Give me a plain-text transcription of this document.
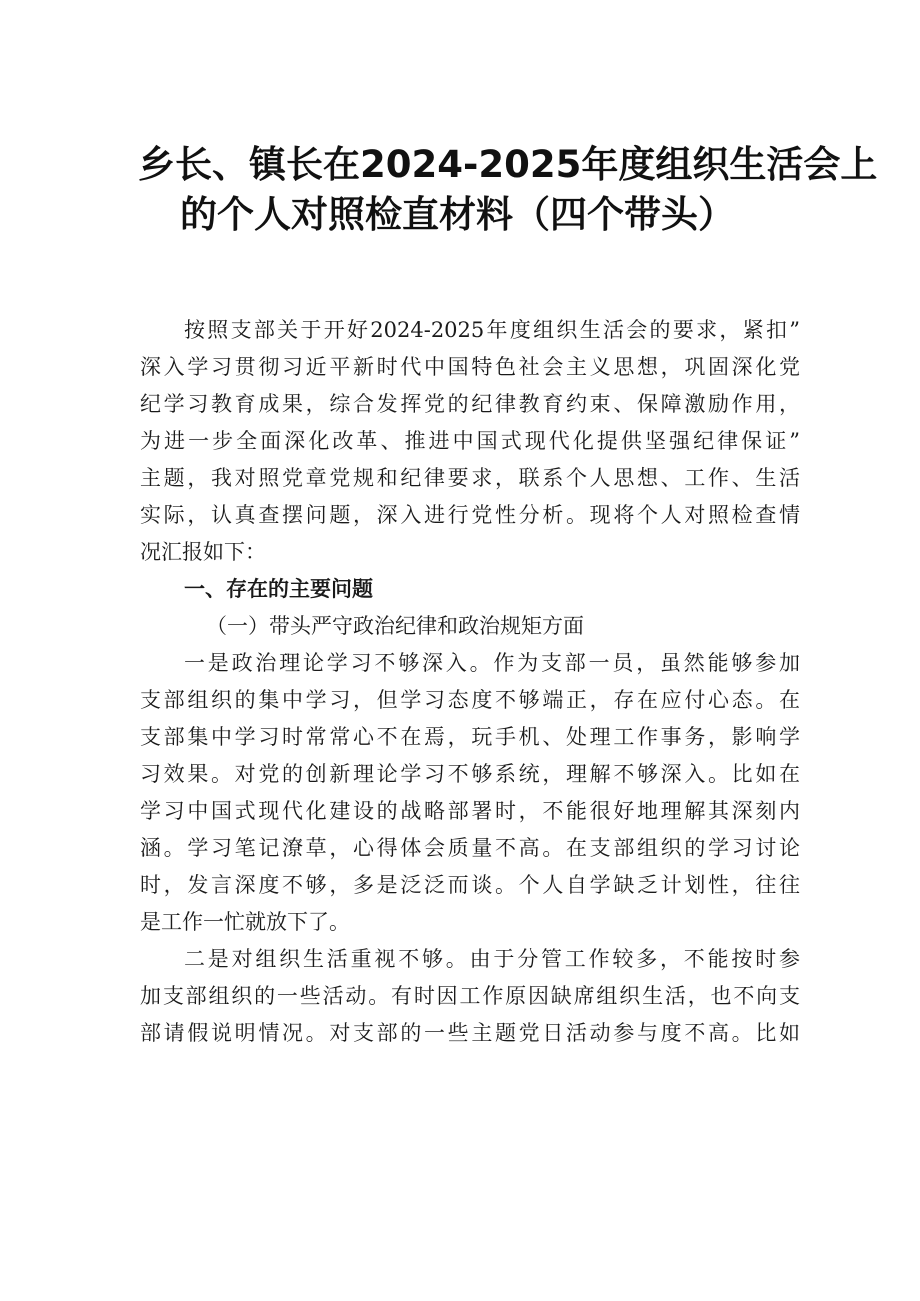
乡长、镇长在2024-2025年度组织生活会上
的个人对照检直材料（四个带头）
按照支部关于开好2024-2025年度组织生活会的要求，紧扣”
深入学习贯彻习近平新时代中国特色社会主义思想，巩固深化党
纪学习教育成果，综合发挥党的纪律教育约束、保障激励作用，
为进一步全面深化改革、推进中国式现代化提供坚强纪律保证”
主题，我对照党章党规和纪律要求，联系个人思想、工作、生活
实际，认真查摆问题，深入进行党性分析。现将个人对照检查情
况汇报如下：
一、存在的主要问题
（一）带头严守政治纪律和政治规矩方面
一是政治理论学习不够深入。作为支部一员，虽然能够参加
支部组织的集中学习，但学习态度不够端正，存在应付心态。在
支部集中学习时常常心不在焉，玩手机、处理工作事务，影响学
习效果。对党的创新理论学习不够系统，理解不够深入。比如在
学习中国式现代化建设的战略部署时，不能很好地理解其深刻内
涵。学习笔记潦草，心得体会质量不高。在支部组织的学习讨论
时，发言深度不够，多是泛泛而谈。个人自学缺乏计划性，往往
是工作一忙就放下了。
二是对组织生活重视不够。由于分管工作较多，不能按时参
加支部组织的一些活动。有时因工作原因缺席组织生活，也不向支
部请假说明情况。对支部的一些主题党日活动参与度不高。比如
